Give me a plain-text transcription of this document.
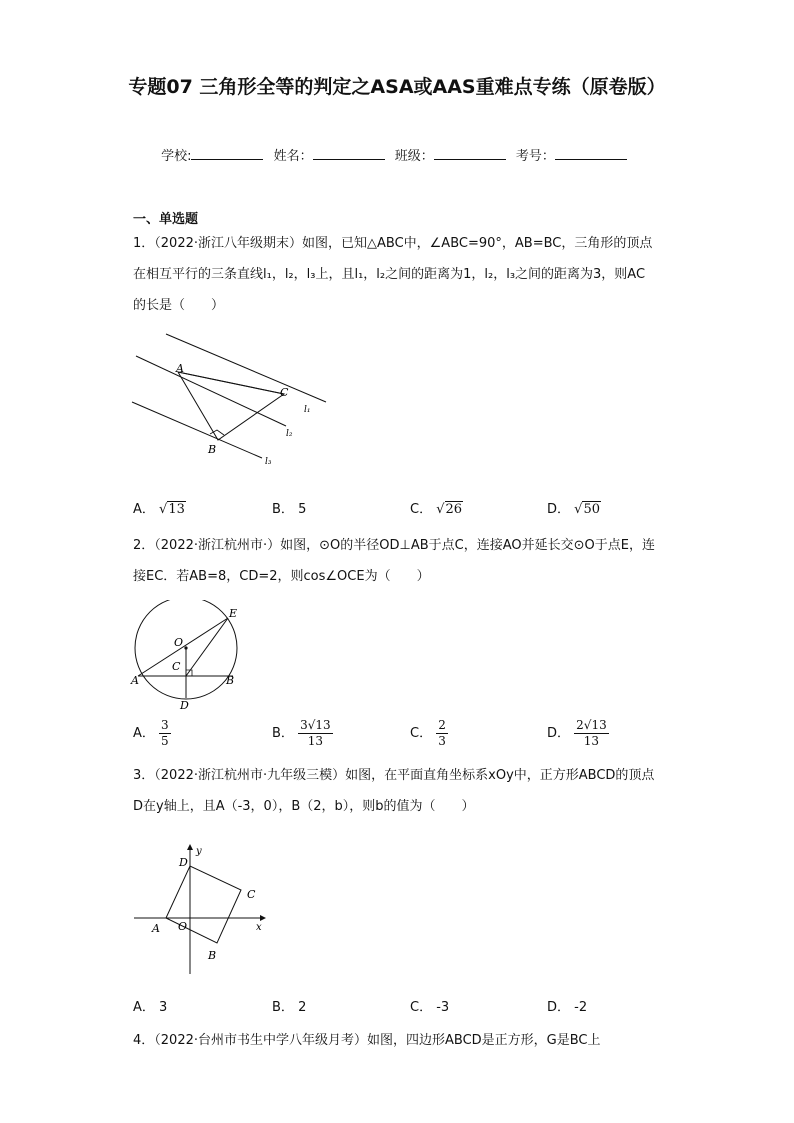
专题07 三角形全等的判定之ASA或AAS重难点专练（原卷版）
学校:	姓名：	班级：	考号：
一、单选题
1．（2022·浙江八年级期末）如图，已知△ABC中，∠ABC=90°，AB=BC，三角形的顶点在相互平行的三条直线l₁，l₂，l₃上，且l₁，l₂之间的距离为1，l₂，l₃之间的距离为3，则AC的长是（　　）
A
B
C
l₁
l₂
l₃
A． √13	B． 5	C． √26	D． √50
2．（2022·浙江杭州市·）如图，⊙O的半径OD⊥AB于点C，连接AO并延长交⊙O于点E，连接EC．若AB=8，CD=2，则cos∠OCE为（　　）
O
C
A	B
D
E
A． $\frac{3}{5}$	B． $\frac{3√13}{13}$	C． $\frac{2}{3}$	D． $\frac{2√13}{13}$
3．（2022·浙江杭州市·九年级三模）如图，在平面直角坐标系xOy中，正方形ABCD的顶点D在y轴上，且A（-3，0），B（2，b），则b的值为（　　）
y
x
O
A
B
C
D
A． 3	B． 2	C． -3	D． -2
4．（2022·台州市书生中学八年级月考）如图，四边形ABCD是正方形，G是BC上
